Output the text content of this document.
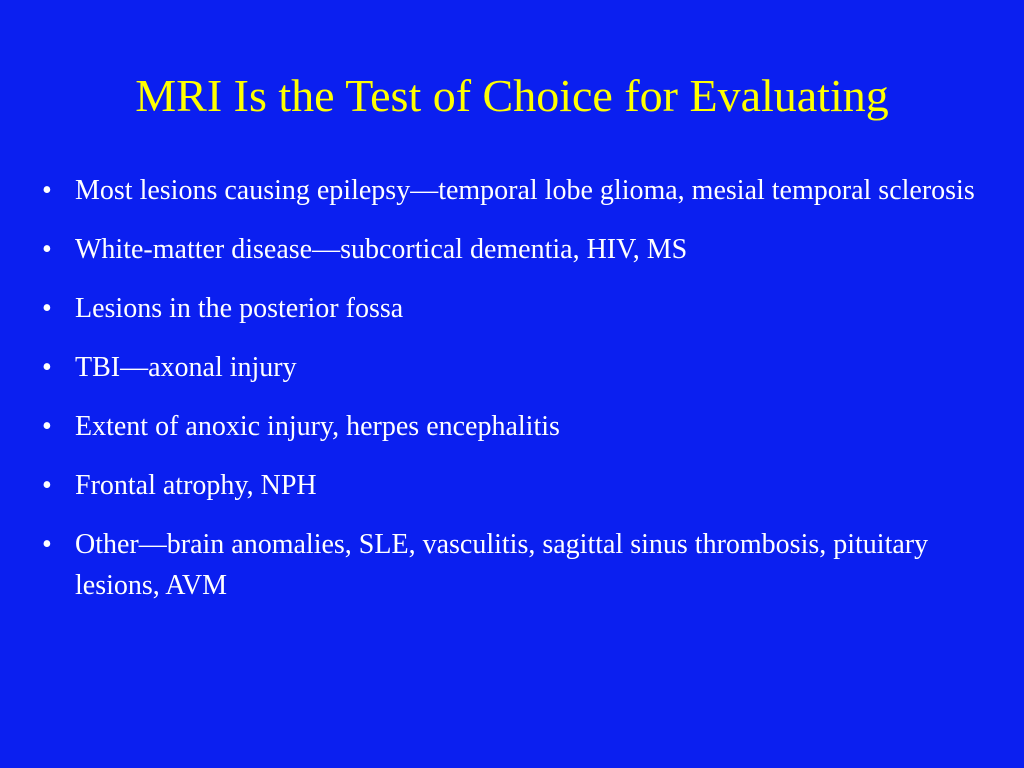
MRI Is the Test of Choice for Evaluating
• Most lesions causing epilepsy—temporal lobe glioma, mesial temporal sclerosis
• White-matter disease—subcortical dementia, HIV, MS
• Lesions in the posterior fossa
• TBI—axonal injury
• Extent of anoxic injury, herpes encephalitis
• Frontal atrophy, NPH
• Other—brain anomalies, SLE, vasculitis, sagittal sinus thrombosis, pituitary lesions, AVM
